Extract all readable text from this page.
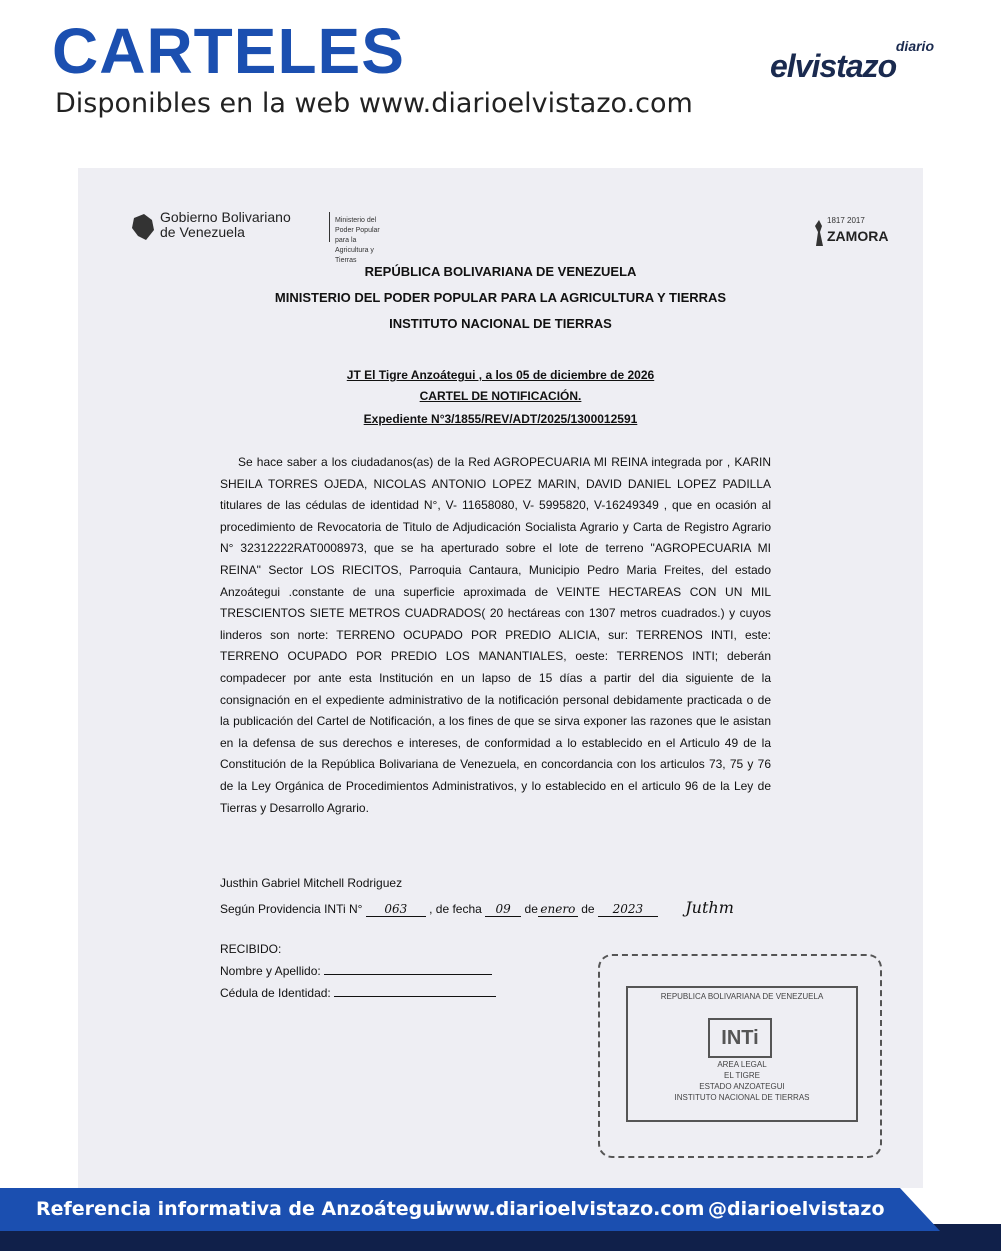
CARTELES
Disponibles en la web www.diarioelvistazo.com
diario
elvistazo
Gobierno Bolivariano
de Venezuela
Ministerio del Poder Popular
para la Agricultura y Tierras
1817 2017
ZAMORA
REPÚBLICA BOLIVARIANA DE VENEZUELA
MINISTERIO DEL PODER POPULAR PARA LA AGRICULTURA Y TIERRAS
INSTITUTO NACIONAL DE TIERRAS
JT El Tigre Anzoátegui , a los 05 de diciembre de 2026
CARTEL DE NOTIFICACIÓN.
Expediente N°3/1855/REV/ADT/2025/1300012591
Se hace saber a los ciudadanos(as) de la Red AGROPECUARIA MI REINA integrada por , KARIN SHEILA TORRES OJEDA, NICOLAS ANTONIO LOPEZ MARIN, DAVID DANIEL LOPEZ PADILLA titulares de las cédulas de identidad N°, V- 11658080, V- 5995820, V-16249349 , que en ocasión al procedimiento de Revocatoria de Titulo de Adjudicación Socialista Agrario y Carta de Registro Agrario N° 32312222RAT0008973, que se ha aperturado sobre el lote de terreno "AGROPECUARIA MI REINA" Sector LOS RIECITOS, Parroquia Cantaura, Municipio Pedro Maria Freites, del estado Anzoátegui .constante de una superficie aproximada de VEINTE HECTAREAS CON UN MIL TRESCIENTOS SIETE METROS CUADRADOS( 20 hectáreas con 1307 metros cuadrados.) y cuyos linderos son norte: TERRENO OCUPADO POR PREDIO ALICIA, sur: TERRENOS INTI, este: TERRENO OCUPADO POR PREDIO LOS MANANTIALES, oeste: TERRENOS INTI; deberán compadecer por ante esta Institución en un lapso de 15 días a partir del dia siguiente de la consignación en el expediente administrativo de la notificación personal debidamente practicada o de la publicación del Cartel de Notificación, a los fines de que se sirva exponer las razones que le asistan en la defensa de sus derechos e intereses, de conformidad a lo establecido en el Articulo 49 de la Constitución de la República Bolivariana de Venezuela, en concordancia con los articulos 73, 75 y 76 de la Ley Orgánica de Procedimientos Administrativos, y lo establecido en el articulo 96 de la Ley de Tierras y Desarrollo Agrario.
Justhin Gabriel Mitchell Rodriguez
Según Providencia INTi N° 063 , de fecha 09 de enero de 2023	Juthm
RECIBIDO:
Nombre y Apellido:
Cédula de Identidad:	REPUBLICA BOLIVARIANA DE VENEZUELA
INTi
AREA LEGAL
EL TIGRE
ESTADO ANZOATEGUI
INSTITUTO NACIONAL DE TIERRAS
Referencia informativa de Anzoátegui
www.diarioelvistazo.com @diarioelvistazo
